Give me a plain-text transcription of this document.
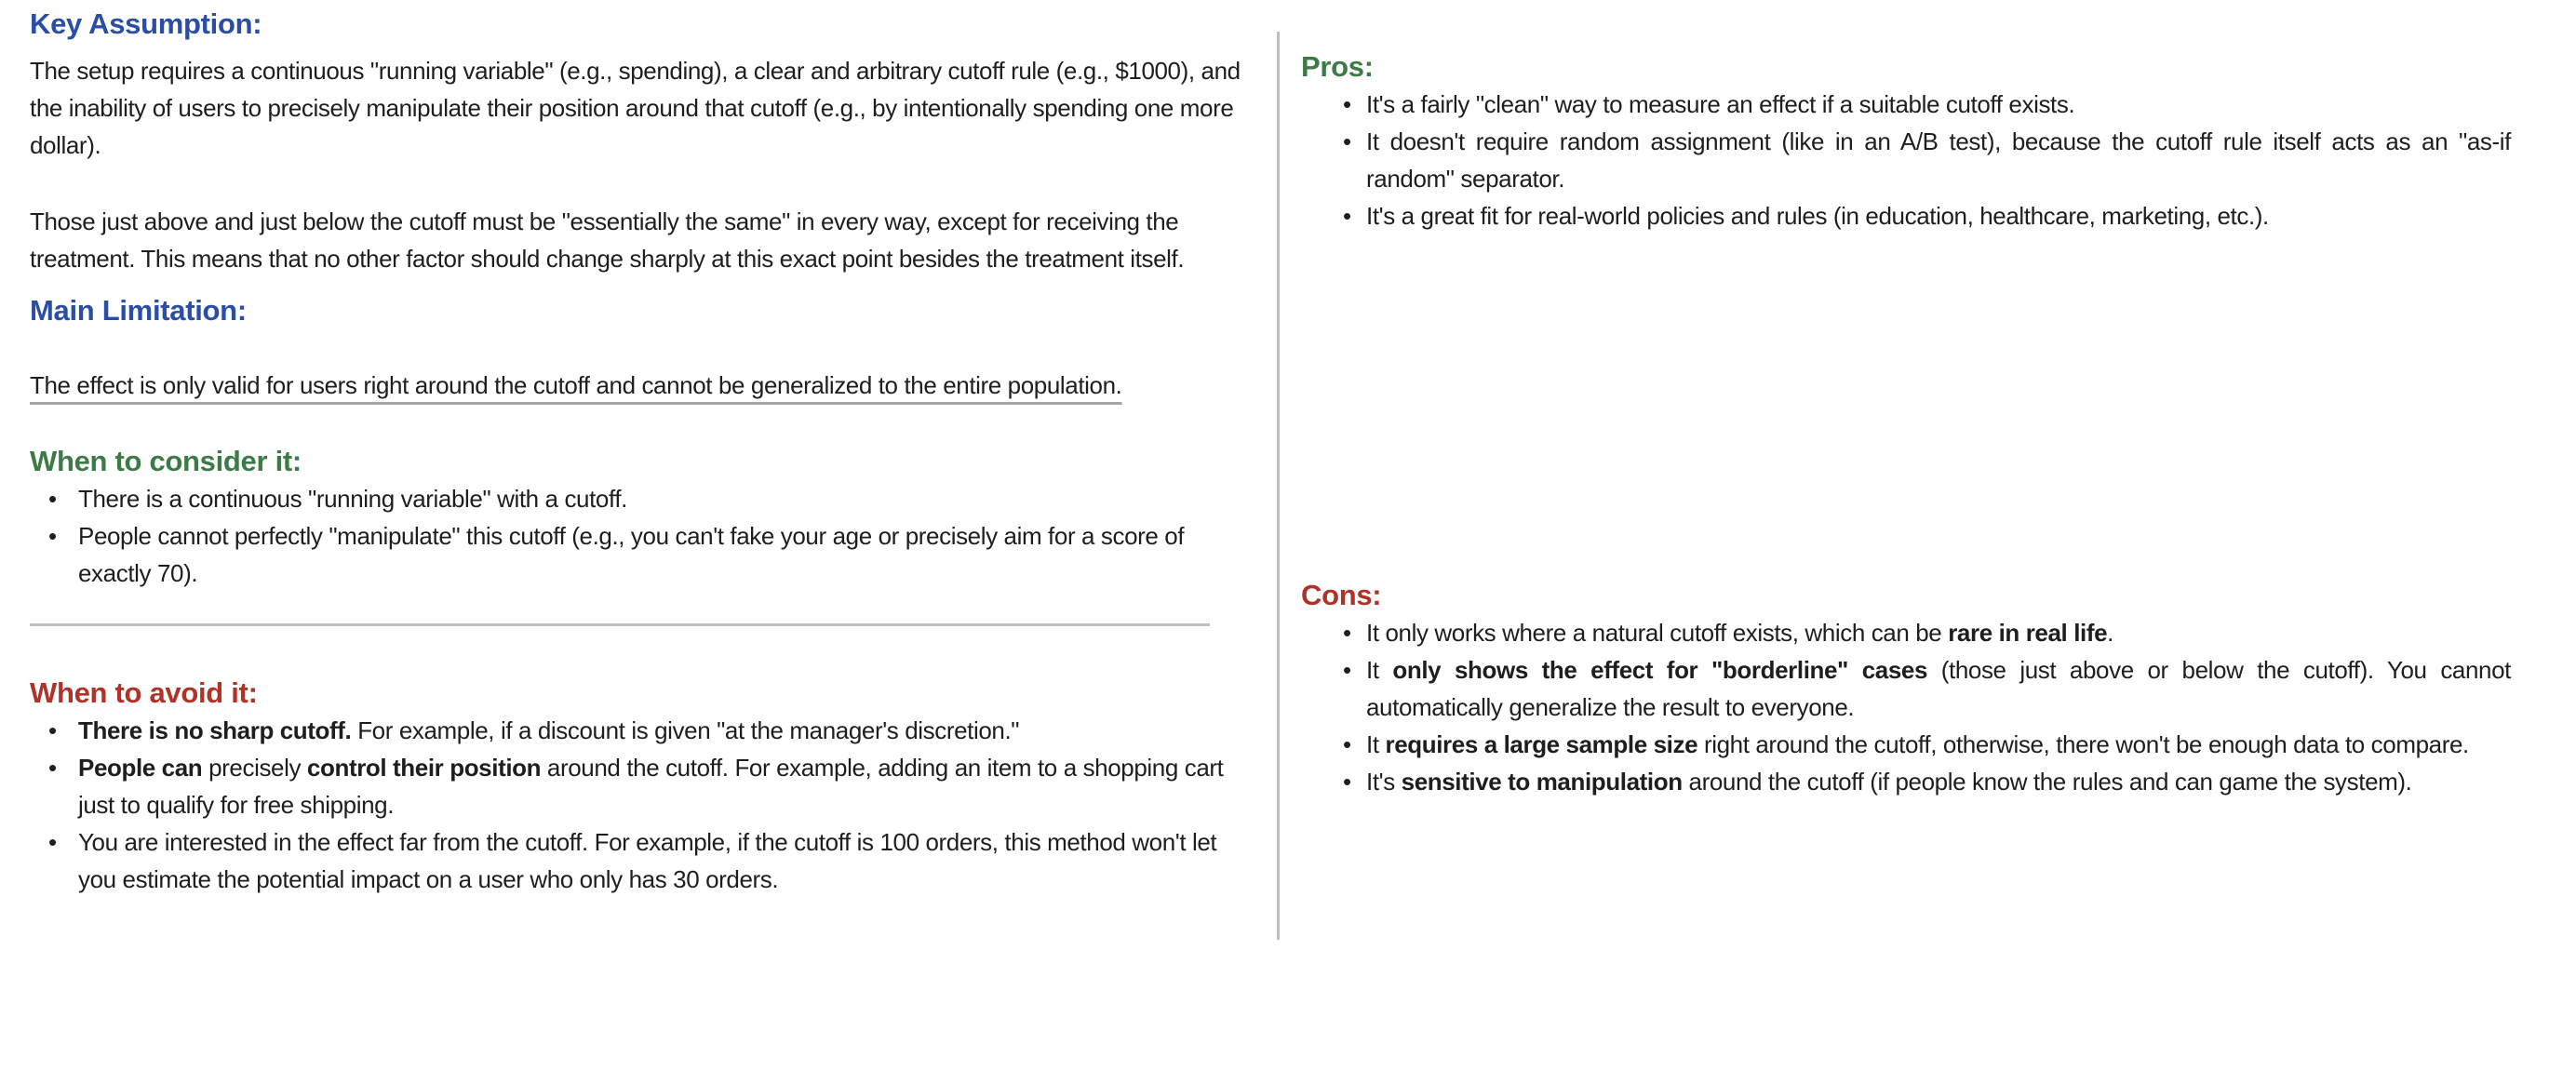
Key Assumption:

The setup requires a continuous "running variable" (e.g., spending), a clear and arbitrary cutoff rule (e.g., $1000), and the inability of users to precisely manipulate their position around that cutoff (e.g., by intentionally spending one more dollar).

Those just above and just below the cutoff must be "essentially the same" in every way, except for receiving the treatment. This means that no other factor should change sharply at this exact point besides the treatment itself.

Main Limitation:

The effect is only valid for users right around the cutoff and cannot be generalized to the entire population.

When to consider it:
• There is a continuous "running variable" with a cutoff.
• People cannot perfectly "manipulate" this cutoff (e.g., you can't fake your age or precisely aim for a score of exactly 70).
When to avoid it:
• There is no sharp cutoff. For example, if a discount is given "at the manager's discretion."
• People can precisely control their position around the cutoff. For example, adding an item to a shopping cart just to qualify for free shipping.
• You are interested in the effect far from the cutoff. For example, if the cutoff is 100 orders, this method won't let you estimate the potential impact on a user who only has 30 orders.
Pros:
• It's a fairly "clean" way to measure an effect if a suitable cutoff exists.
• It doesn't require random assignment (like in an A/B test), because the cutoff rule itself acts as an "as-if random" separator.
• It's a great fit for real-world policies and rules (in education, healthcare, marketing, etc.).
Cons:
• It only works where a natural cutoff exists, which can be rare in real life.
• It only shows the effect for "borderline" cases (those just above or below the cutoff). You cannot automatically generalize the result to everyone.
• It requires a large sample size right around the cutoff, otherwise, there won't be enough data to compare.
• It's sensitive to manipulation around the cutoff (if people know the rules and can game the system).
